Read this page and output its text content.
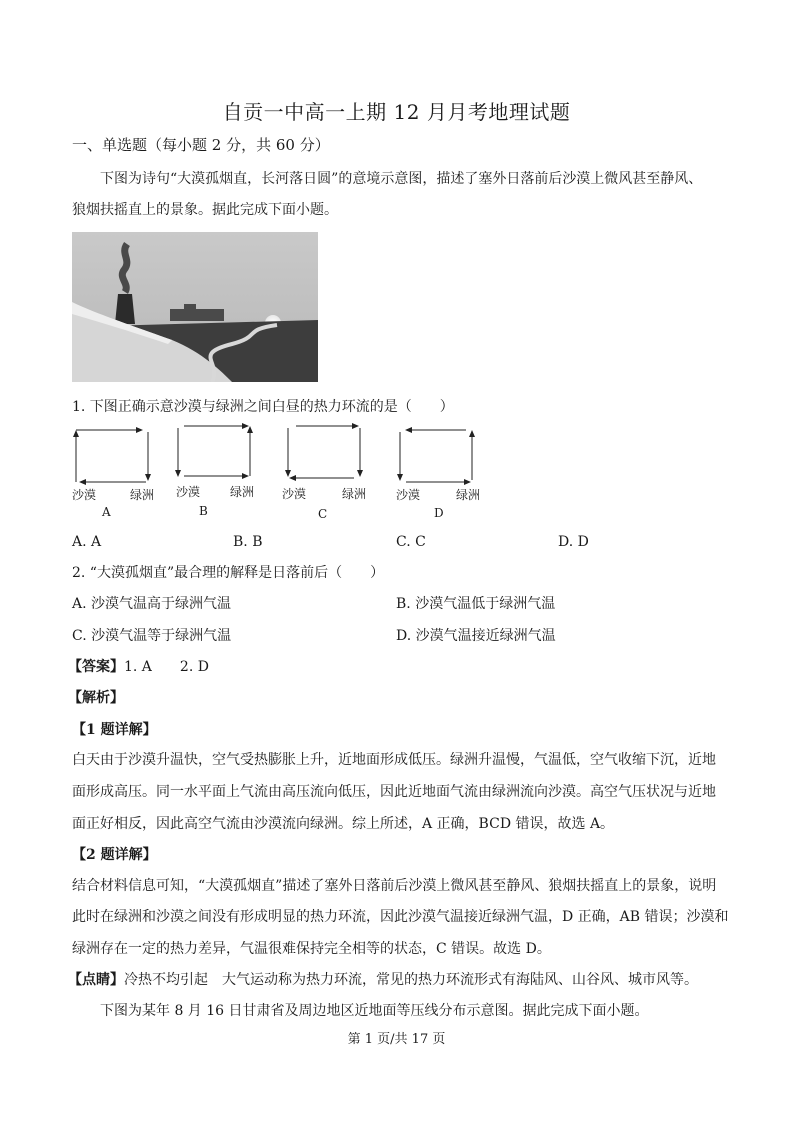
自贡一中高一上期 12 月月考地理试题
一、单选题（每小题 2 分，共 60 分）
下图为诗句“大漠孤烟直，长河落日圆”的意境示意图，描述了塞外日落前后沙漠上微风甚至静风、
狼烟扶摇直上的景象。据此完成下面小题。
1. 下图正确示意沙漠与绿洲之间白昼的热力环流的是（　　）
沙漠	绿洲
A
沙漠 绿洲
B
沙漠	绿洲
C
沙漠	绿洲
D
A. A	B. B	C. C	D. D
2. “大漠孤烟直”最合理的解释是日落前后（　　）
A. 沙漠气温高于绿洲气温	B. 沙漠气温低于绿洲气温
C. 沙漠气温等于绿洲气温	D. 沙漠气温接近绿洲气温
【答案】1. A　　2. D
【解析】
【1 题详解】
白天由于沙漠升温快，空气受热膨胀上升，近地面形成低压。绿洲升温慢，气温低，空气收缩下沉，近地
面形成高压。同一水平面上气流由高压流向低压，因此近地面气流由绿洲流向沙漠。高空气压状况与近地
面正好相反，因此高空气流由沙漠流向绿洲。综上所述，A 正确，BCD 错误，故选 A。
【2 题详解】
结合材料信息可知，“大漠孤烟直”描述了塞外日落前后沙漠上微风甚至静风、狼烟扶摇直上的景象，说明
此时在绿洲和沙漠之间没有形成明显的热力环流，因此沙漠气温接近绿洲气温，D 正确，AB 错误；沙漠和
绿洲存在一定的热力差异，气温很难保持完全相等的状态，C 错误。故选 D。
【点睛】冷热不均引起　大气运动称为热力环流，常见的热力环流形式有海陆风、山谷风、城市风等。
下图为某年 8 月 16 日甘肃省及周边地区近地面等压线分布示意图。据此完成下面小题。
第 1 页/共 17 页
